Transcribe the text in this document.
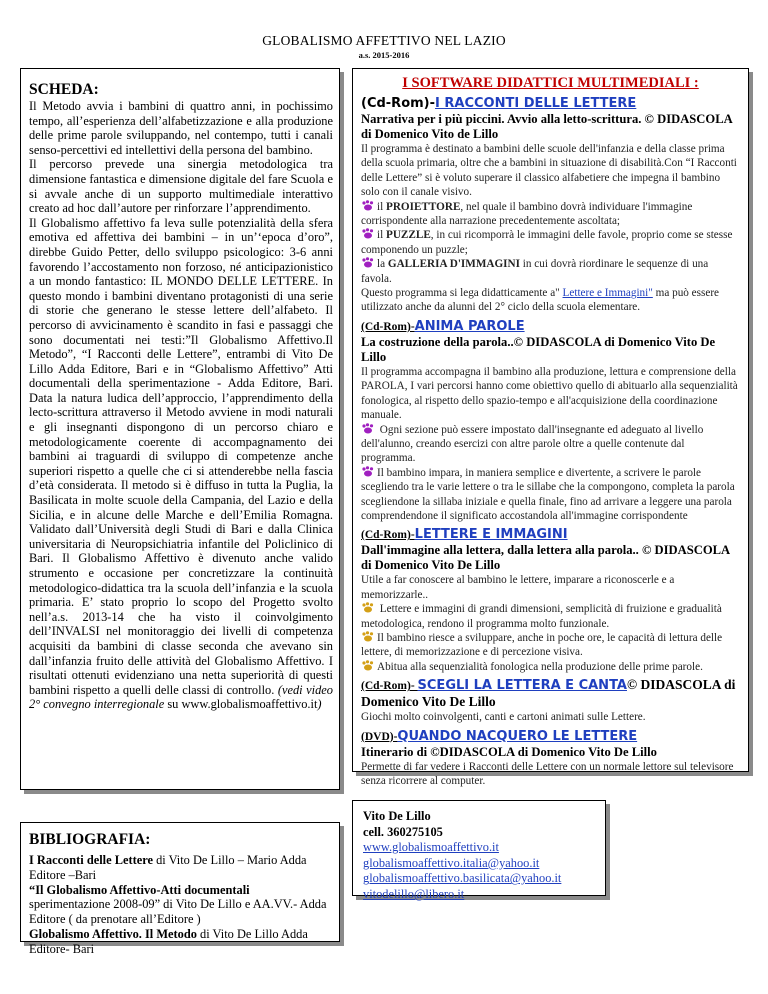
GLOBALISMO AFFETTIVO NEL LAZIO
a.s. 2015-2016
SCHEDA:

Il Metodo avvia i bambini di quattro anni, in pochissimo tempo, all’esperienza dell’alfabetizzazione e alla produzione delle prime parole sviluppando, nel contempo, tutti i canali senso-percettivi ed intellettivi della persona del bambino.

Il percorso prevede una sinergia metodologica tra dimensione fantastica e dimensione digitale del fare Scuola e si avvale anche di un supporto multimediale interattivo creato ad hoc dall’autore per rinforzare l’apprendimento.

Il Globalismo affettivo fa leva sulle potenzialità della sfera emotiva ed affettiva dei bambini – in un’‘epoca d’oro”, direbbe Guido Petter, dello sviluppo psicologico: 3-6 anni favorendo l’accostamento non forzoso, né anticipazionistico a un mondo fantastico: IL MONDO DELLE LETTERE. In questo mondo i bambini diventano protagonisti di una serie di storie che generano le stesse lettere dell’alfabeto. Il percorso di avvicinamento è scandito in fasi e passaggi che sono documentati nei testi:”Il Globalismo Affettivo.Il Metodo”, “I Racconti delle Lettere”, entrambi di Vito De Lillo Adda Editore, Bari e in “Globalismo Affettivo” Atti documentali della sperimentazione - Adda Editore, Bari. Data la natura ludica dell’approccio, l’apprendimento della lecto-scrittura attraverso il Metodo avviene in modi naturali e gli insegnanti dispongono di un percorso chiaro e metodologicamente coerente di accompagnamento dei bambini ai traguardi di sviluppo di competenze anche superiori rispetto a quelle che ci si attenderebbe nella fascia d’età considerata. Il metodo si è diffuso in tutta la Puglia, la Basilicata in molte scuole della Campania, del Lazio e della Sicilia, e in alcune delle Marche e dell’Emilia Romagna. Validato dall’Università degli Studi di Bari e dalla Clinica universitaria di Neuropsichiatria infantile del Policlinico di Bari. Il Globalismo Affettivo è divenuto anche valido strumento e occasione per concretizzare la continuità metodologico-didattica tra la scuola dell’infanzia e la scuola primaria. E’ stato proprio lo scopo del Progetto svolto nell’a.s. 2013-14 che ha visto il coinvolgimento dell’INVALSI nel monitoraggio dei livelli di competenza acquisiti da bambini di classe seconda che avevano sin dall’infanzia fruito delle attività del Globalismo Affettivo. I risultati ottenuti evidenziano una netta superiorità di questi bambini rispetto a quelli delle classi di controllo. (vedi video 2° convegno interregionale su www.globalismoaffettivo.it)

I SOFTWARE DIDATTICI MULTIMEDIALI :
(Cd-Rom)-I RACCONTI DELLE LETTERE

Narrativa per i più piccini. Avvio alla letto-scrittura. © DIDASCOLA di Domenico Vito de Lillo

Il programma è destinato a bambini delle scuole dell'infanzia e della classe prima della scuola primaria, oltre che a bambini in situazione di disabilità.Con “I Racconti delle Lettere” si è voluto superare il classico alfabetiere che impegna il bambino solo con il canale visivo.

il PROIETTORE, nel quale il bambino dovrà individuare l'immagine corrispondente alla narrazione precedentemente ascoltata;

il PUZZLE, in cui ricomporrà le immagini delle favole, proprio come se stesse componendo un puzzle;

la GALLERIA D'IMMAGINI in cui dovrà riordinare le sequenze di una favola.

Questo programma si lega didatticamente a" Lettere e Immagini" ma può essere utilizzato anche da alunni del 2° ciclo della scuola elementare.

(Cd-Rom)-ANIMA PAROLE

La costruzione della parola..© DIDASCOLA di Domenico Vito De Lillo

Il programma accompagna il bambino alla produzione, lettura e comprensione della PAROLA, I vari percorsi hanno come obiettivo quello di abituarlo alla sequenzialità fonologica, al rispetto dello spazio-tempo e all'acquisizione della coordinazione manuale.

Ogni sezione può essere impostato dall'insegnante ed adeguato al livello dell'alunno, creando esercizi con altre parole oltre a quelle contenute dal programma.

Il bambino impara, in maniera semplice e divertente, a scrivere le parole scegliendo tra le varie lettere o tra le sillabe che la compongono, completa la parola scegliendone la sillaba iniziale e quella finale, fino ad arrivare a leggere una parola comprendendone il significato accostandola all'immagine corrispondente

(Cd-Rom)-LETTERE E IMMAGINI

Dall'immagine alla lettera, dalla lettera alla parola.. © DIDASCOLA di Domenico Vito De Lillo

Utile a far conoscere al bambino le lettere, imparare a riconoscerle e a memorizzarle..

Lettere e immagini di grandi dimensioni, semplicità di fruizione e gradualità metodologica, rendono il programma molto funzionale.

Il bambino riesce a sviluppare, anche in poche ore, le capacità di lettura delle lettere, di memorizzazione e di percezione visiva.

Abitua alla sequenzialità fonologica nella produzione delle prime parole.

(Cd-Rom)- SCEGLI LA LETTERA E CANTA© DIDASCOLA di Domenico Vito De Lillo

Giochi molto coinvolgenti, canti e cartoni animati sulle Lettere.

(DVD)-QUANDO NACQUERO LE LETTERE

Itinerario di ©DIDASCOLA di Domenico Vito De Lillo

Permette di far vedere i Racconti delle Lettere con un normale lettore sul televisore senza ricorrere al computer.

BIBLIOGRAFIA:
I Racconti delle Lettere di Vito De Lillo – Mario Adda Editore –Bari
“Il Globalismo Affettivo-Atti documentali sperimentazione 2008-09” di Vito De Lillo e AA.VV.- Adda Editore ( da prenotare all’Editore )
Globalismo Affettivo. Il Metodo di Vito De Lillo Adda Editore- Bari
Vito De Lillo
cell. 360275105
www.globalismoaffettivo.it
globalismoaffettivo.italia@yahoo.it
globalismoaffettivo.basilicata@yahoo.it
vitodelillo@libero.it
